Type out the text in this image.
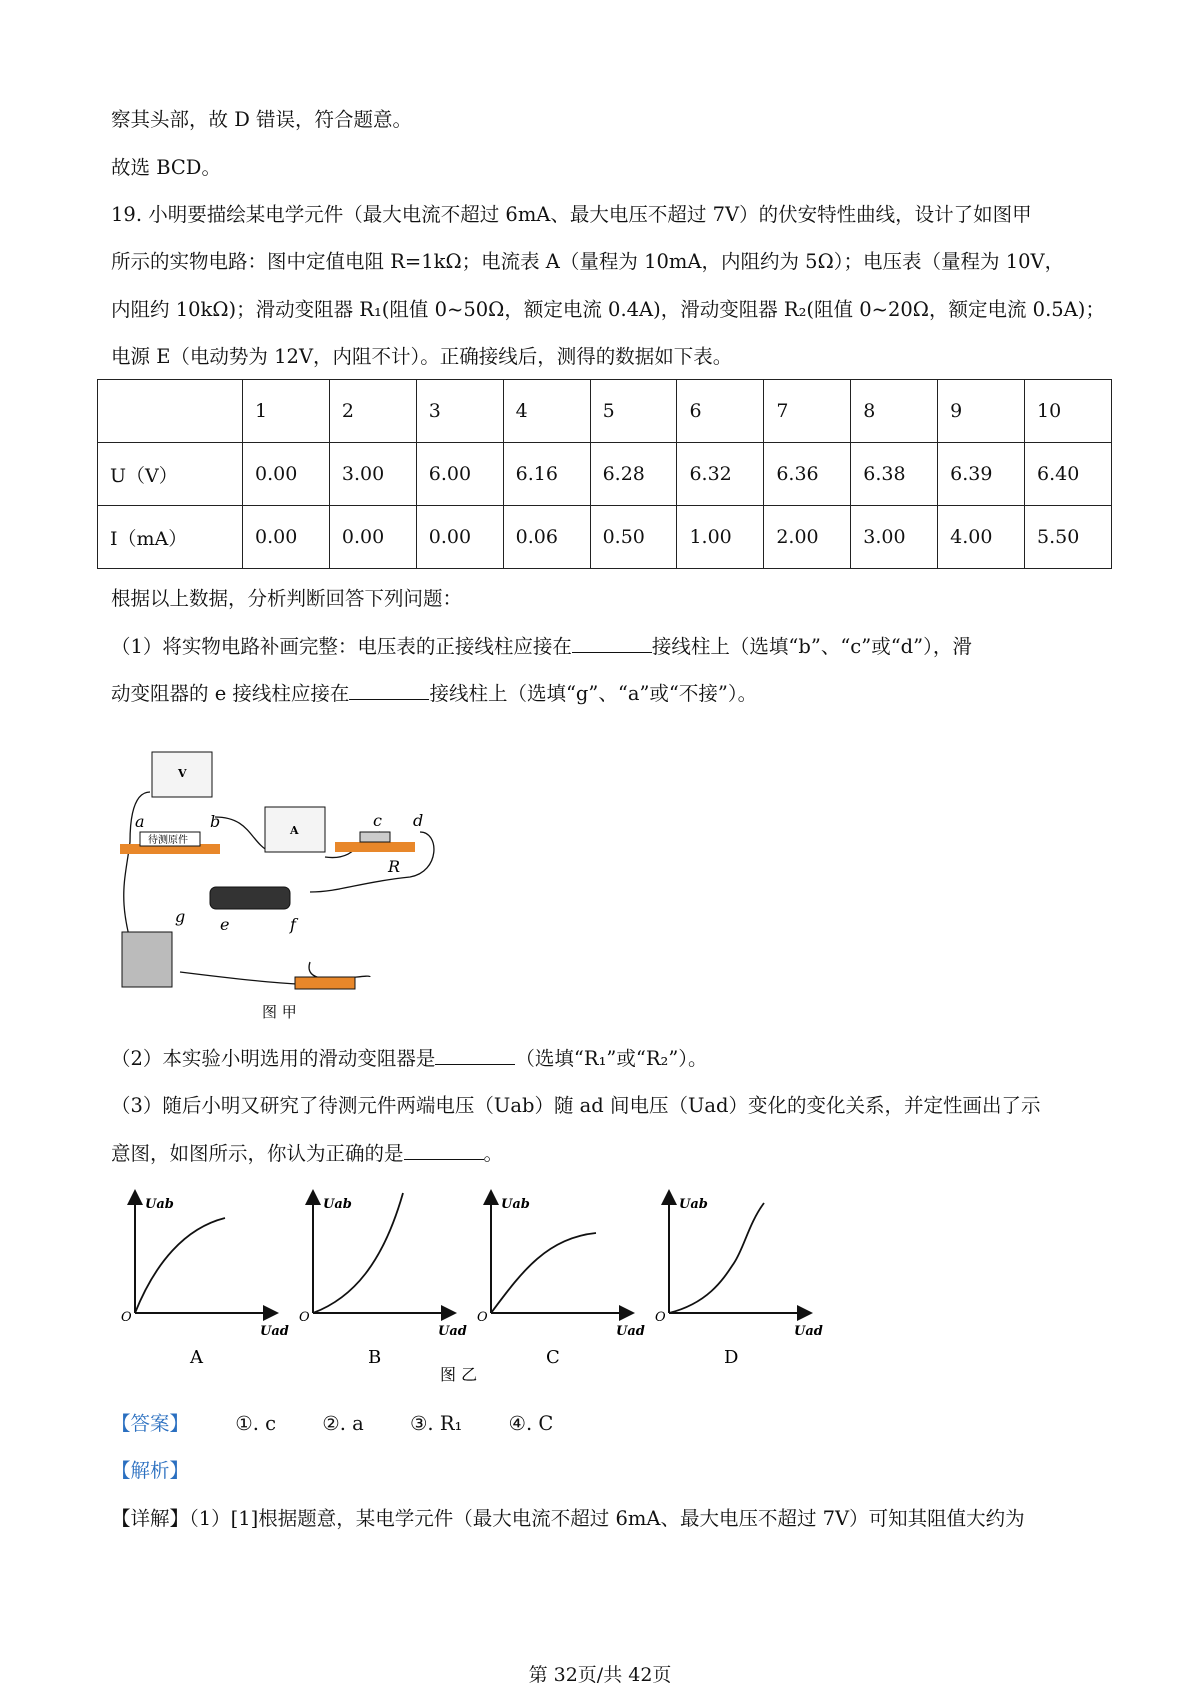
察其头部，故 D 错误，符合题意。
故选 BCD。
19. 小明要描绘某电学元件（最大电流不超过 6mA、最大电压不超过 7V）的伏安特性曲线，设计了如图甲
所示的实物电路：图中定值电阻 R=1kΩ；电流表 A（量程为 10mA，内阻约为 5Ω）；电压表（量程为 10V，
内阻约 10kΩ)；滑动变阻器 R₁(阻值 0~50Ω，额定电流 0.4A)，滑动变阻器 R₂(阻值 0~20Ω，额定电流 0.5A)；
电源 E（电动势为 12V，内阻不计）。正确接线后，测得的数据如下表。
	1	2	3	4	5	6	7	8	9	10
U（V）	0.00	3.00	6.00	6.16	6.28	6.32	6.36	6.38	6.39	6.40
I（mA）	0.00	0.00	0.00	0.06	0.50	1.00	2.00	3.00	4.00	5.50
根据以上数据，分析判断回答下列问题：
（1）将实物电路补画完整：电压表的正接线柱应接在	接线柱上（选填“b”、“c”或“d”），滑
动变阻器的 e 接线柱应接在	接线柱上（选填“g”、“a”或“不接”）。
V
A
待测原件
a	b	c d
R
g e	f
图 甲
（2）本实验小明选用的滑动变阻器是	（选填“R₁”或“R₂”）。
（3）随后小明又研究了待测元件两端电压（Uab）随 ad 间电压（Uad）变化的变化关系，并定性画出了示
意图，如图所示，你认为正确的是	。
Uab
Uad
O
A
Uab
Uad
O
B
Uab
Uad
O
C
Uab
Uad
O
D
图 乙
【答案】 ①. c ②. a ③. R₁ ④. C
【解析】
【详解】（1）[1]根据题意，某电学元件（最大电流不超过 6mA、最大电压不超过 7V）可知其阻值大约为
第 32页/共 42页
